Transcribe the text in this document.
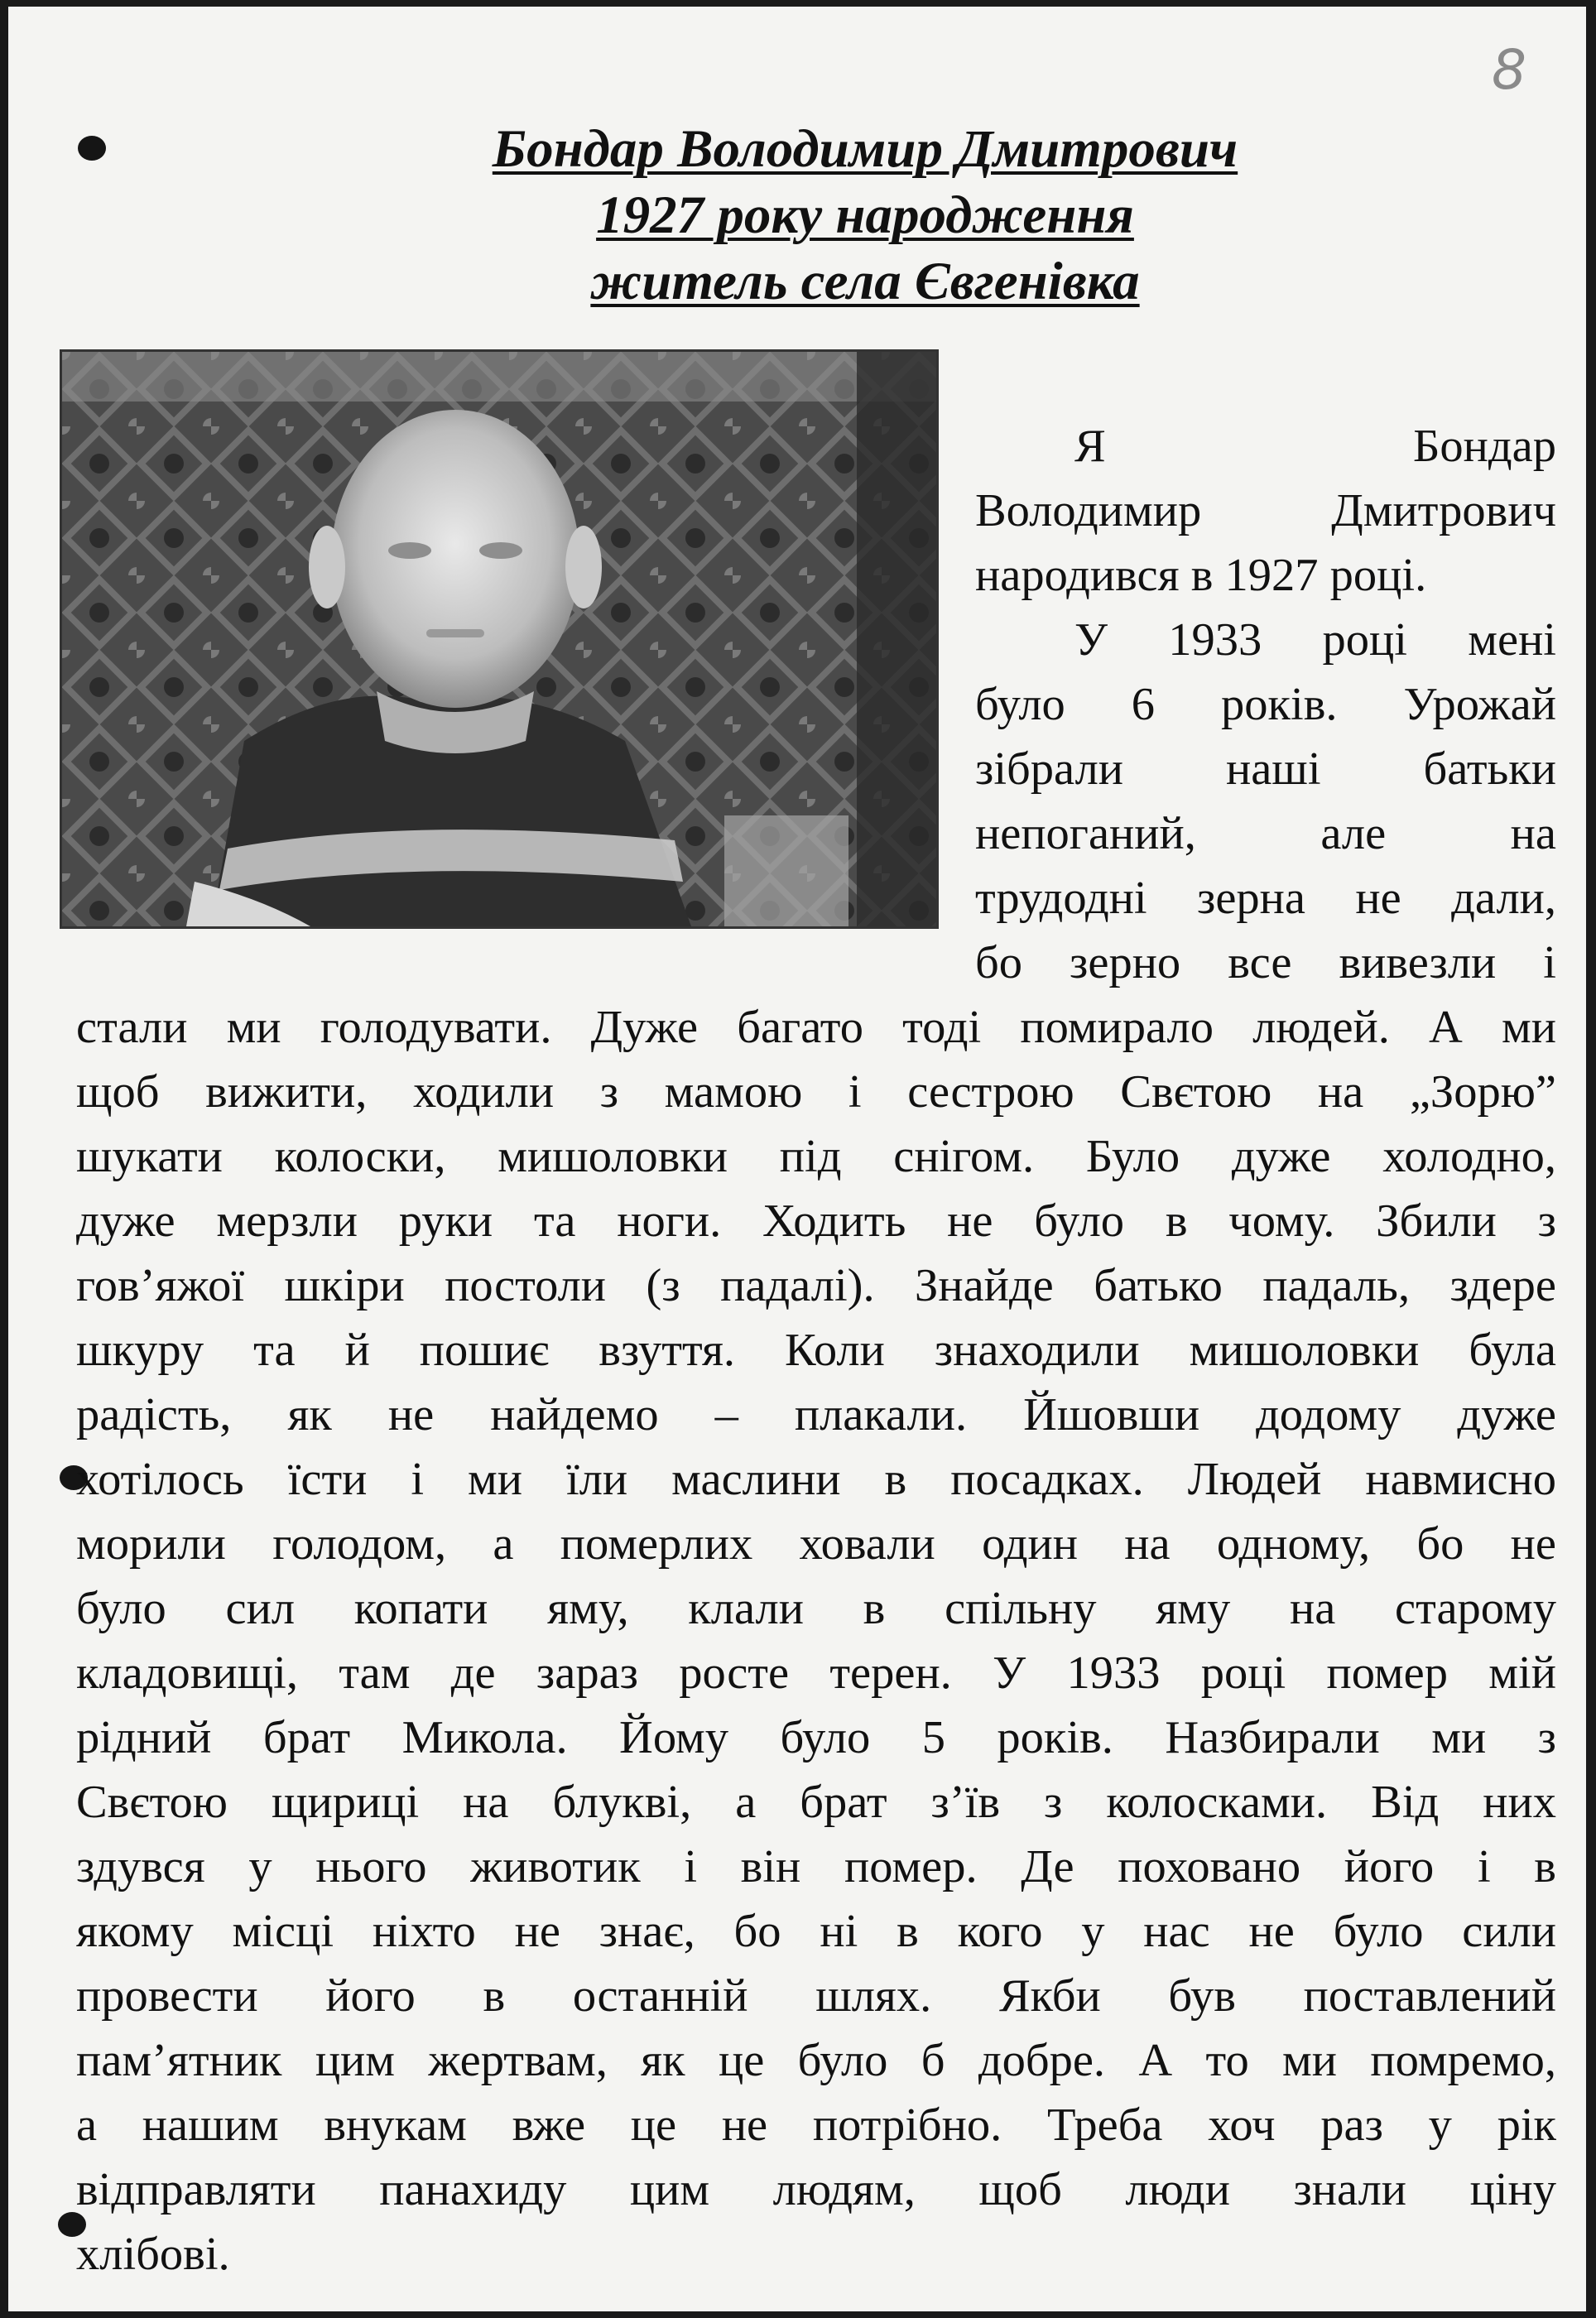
8

Бондар Володимир Дмитрович
1927 року народження
житель села Євгенівка

Я Бондар
Володимир Дмитрович
народився в 1927 році.
У 1933 році мені
було 6 років. Урожай
зібрали наші батьки
непоганий, але на
трудодні зерна не дали,
бо зерно все вивезли і
стали ми голодувати. Дуже багато тоді помирало людей. А ми
щоб вижити, ходили з мамою і сестрою Свєтою на „Зорю”
шукати колоски, мишоловки під снігом. Було дуже холодно,
дуже мерзли руки та ноги. Ходить не було в чому. Збили з
гов’яжої шкіри постоли (з падалі). Знайде батько падаль, здере
шкуру та й пошиє взуття. Коли знаходили мишоловки була
радість, як не найдемо – плакали. Йшовши додому дуже
хотілось їсти і ми їли маслини в посадках. Людей навмисно
морили голодом, а померлих ховали один на одному, бо не
було сил копати яму, клали в спільну яму на старому
кладовищі, там де зараз росте терен. У 1933 році помер мій
рідний брат Микола. Йому було 5 років. Назбирали ми з
Свєтою щириці на блукві, а брат з’їв з колосками. Від них
здувся у нього животик і він помер. Де поховано його і в
якому місці ніхто не знає, бо ні в кого у нас не було сили
провести його в останній шлях. Якби був поставлений
пам’ятник цим жертвам, як це було б добре. А то ми помремо,
а нашим внукам вже це не потрібно. Треба хоч раз у рік
відправляти панахиду цим людям, щоб люди знали ціну
хлібові.
